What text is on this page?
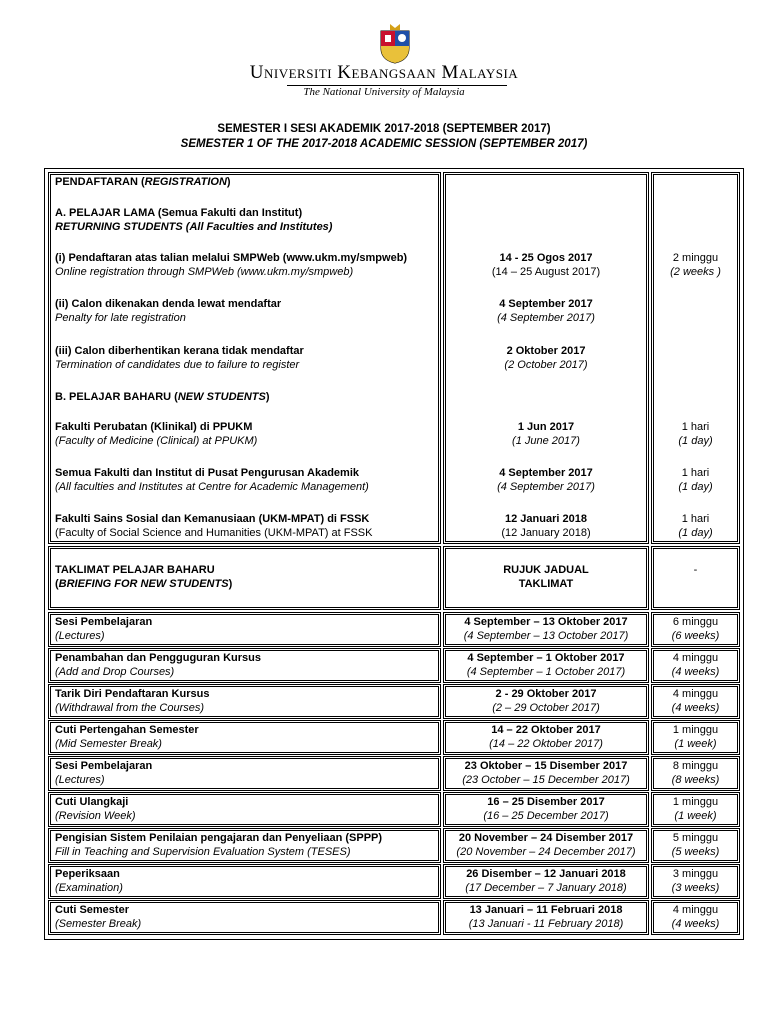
Universiti Kebangsaan Malaysia
The National University of Malaysia
SEMESTER I SESI AKADEMIK 2017-2018 (SEPTEMBER 2017)
SEMESTER 1 OF THE 2017-2018 ACADEMIC SESSION (SEPTEMBER 2017)
PENDAFTARAN (REGISTRATION)
A. PELAJAR LAMA (Semua Fakulti dan Institut)
RETURNING STUDENTS (All Faculties and Institutes)
(i) Pendaftaran atas talian melalui SMPWeb (www.ukm.my/smpweb)
Online registration through SMPWeb (www.ukm.my/smpweb)
14 - 25 Ogos 2017
(14 – 25 August 2017)
2 minggu
(2 weeks )
(ii) Calon dikenakan denda lewat mendaftar
Penalty for late registration
4 September 2017
(4 September 2017)
(iii) Calon diberhentikan kerana tidak mendaftar
Termination of candidates due to failure to register
2 Oktober 2017
(2 October 2017)
B. PELAJAR BAHARU (NEW STUDENTS)
Fakulti Perubatan (Klinikal) di PPUKM
(Faculty of Medicine (Clinical) at PPUKM)
1 Jun 2017
(1 June 2017)
1 hari
(1 day)
Semua Fakulti dan Institut di Pusat Pengurusan Akademik
(All faculties and Institutes at Centre for Academic Management)
4 September 2017
(4 September 2017)
1 hari
(1 day)
Fakulti Sains Sosial dan Kemanusiaan (UKM-MPAT) di FSSK
(Faculty of Social Science and Humanities (UKM-MPAT) at FSSK
12 Januari 2018
(12 January 2018)
1 hari
(1 day)
TAKLIMAT PELAJAR BAHARU
(BRIEFING FOR NEW STUDENTS)
RUJUK JADUAL
TAKLIMAT
-
Sesi Pembelajaran
(Lectures)
4 September – 13 Oktober 2017
(4 September – 13 October 2017)
6 minggu
(6 weeks)
Penambahan dan Pengguguran Kursus
(Add and Drop Courses)
4 September – 1 Oktober 2017
(4 September – 1 October 2017)
4 minggu
(4 weeks)
Tarik Diri Pendaftaran Kursus
(Withdrawal from the Courses)
2 - 29 Oktober 2017
(2 – 29 October 2017)
4 minggu
(4 weeks)
Cuti Pertengahan Semester
(Mid Semester Break)
14 – 22 Oktober 2017
(14 – 22 Oktober 2017)
1 minggu
(1 week)
Sesi Pembelajaran
(Lectures)
23 Oktober – 15 Disember 2017
(23 October – 15 December 2017)
8 minggu
(8 weeks)
Cuti Ulangkaji
(Revision Week)
16 – 25 Disember 2017
(16 – 25 December 2017)
1 minggu
(1 week)
Pengisian Sistem Penilaian pengajaran dan Penyeliaan (SPPP)
Fill in Teaching and Supervision Evaluation System (TESES)
20 November – 24 Disember 2017
(20 November – 24 December 2017)
5 minggu
(5 weeks)
Peperiksaan
(Examination)
26 Disember – 12 Januari 2018
(17 December – 7 January 2018)
3 minggu
(3 weeks)
Cuti Semester
(Semester Break)
13 Januari – 11 Februari 2018
(13 Januari - 11 February 2018)
4 minggu
(4 weeks)
